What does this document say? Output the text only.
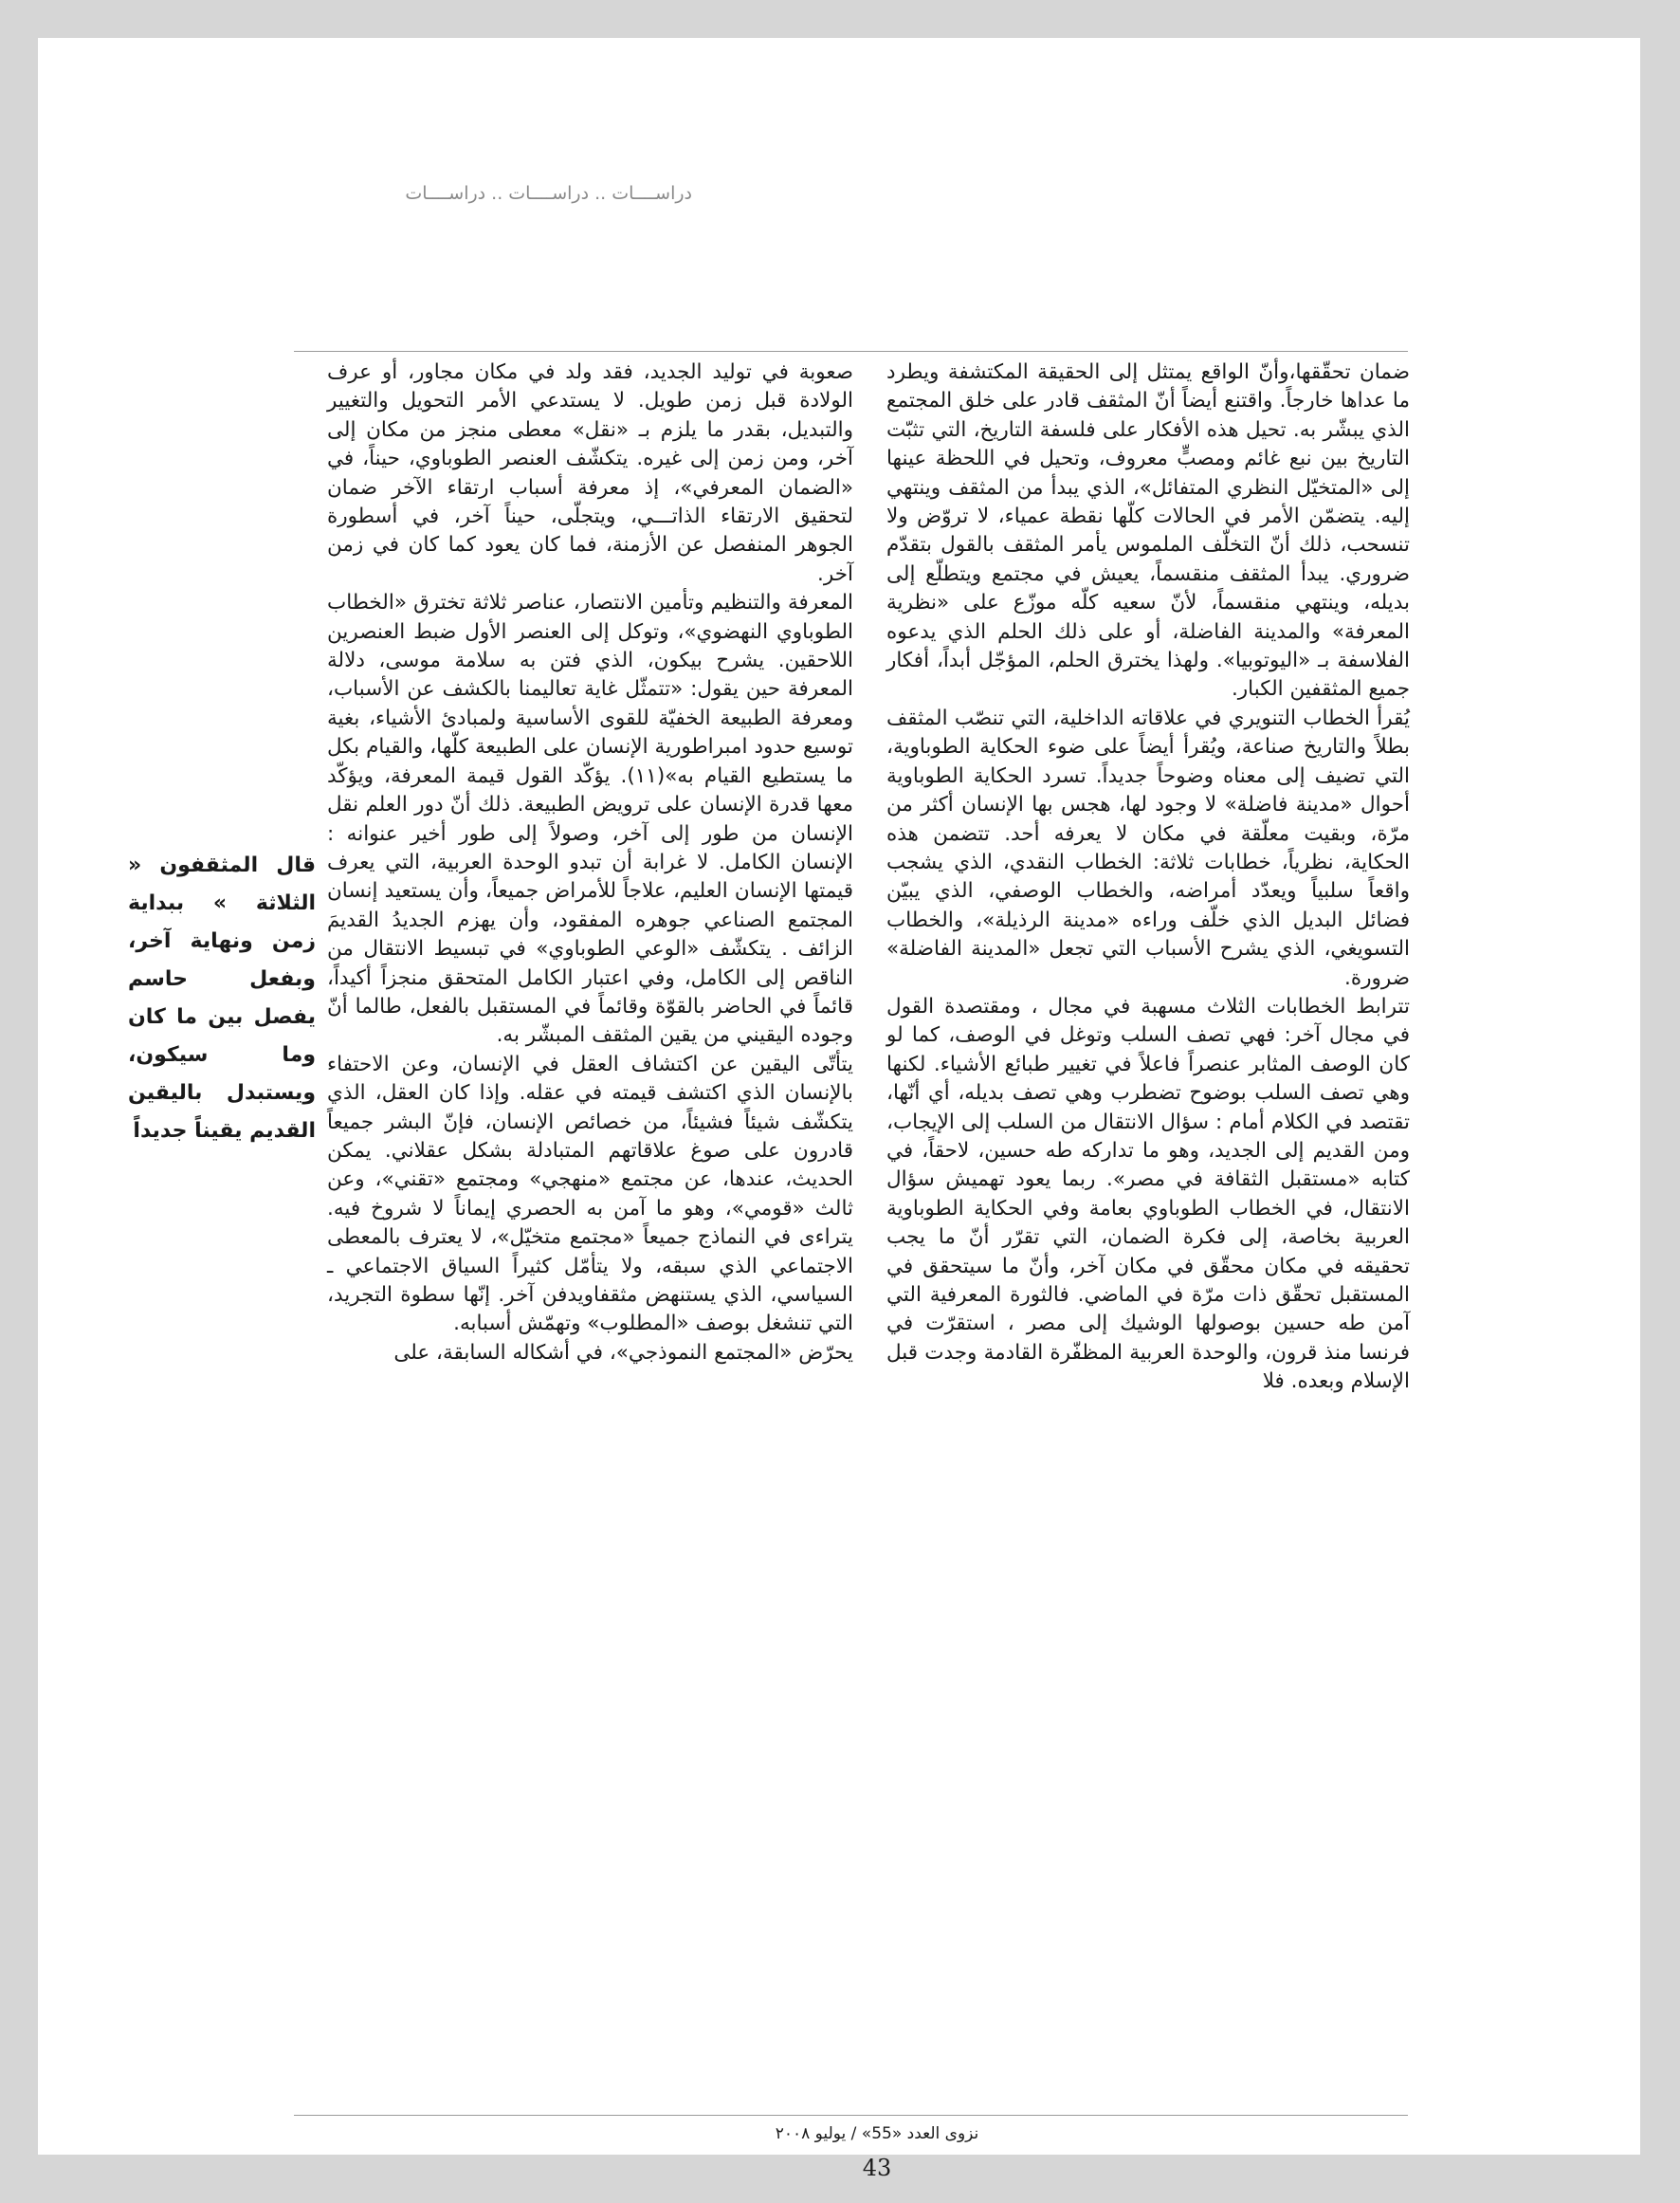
دراســــات .. دراســــات .. دراســــات

ضمان تحقّقها،وأنّ الواقع يمتثل إلى الحقيقة المكتشفة ويطرد ما عداها خارجاً. واقتنع أيضاً أنّ المثقف قادر على خلق المجتمع الذي يبشّر به. تحيل هذه الأفكار على فلسفة التاريخ، التي تثبّت التاريخ بين نبع غائم ومصبٍّ معروف، وتحيل في اللحظة عينها إلى «المتخيّل النظري المتفائل»، الذي يبدأ من المثقف وينتهي إليه. يتضمّن الأمر في الحالات كلّها نقطة عمياء، لا تروّض ولا تنسحب، ذلك أنّ التخلّف الملموس يأمر المثقف بالقول بتقدّم ضروري. يبدأ المثقف منقسماً، يعيش في مجتمع ويتطلّع إلى بديله، وينتهي منقسماً، لأنّ سعيه كلّه موزّع على «نظرية المعرفة» والمدينة الفاضلة، أو على ذلك الحلم الذي يدعوه الفلاسفة بـ «اليوتوبيا». ولهذا يخترق الحلم، المؤجّل أبداً، أفكار جميع المثقفين الكبار.

يُقرأ الخطاب التنويري في علاقاته الداخلية، التي تنصّب المثقف بطلاً والتاريخ صناعة، ويُقرأ أيضاً على ضوء الحكاية الطوباوية، التي تضيف إلى معناه وضوحاً جديداً. تسرد الحكاية الطوباوية أحوال «مدينة فاضلة» لا وجود لها، هجس بها الإنسان أكثر من مرّة، وبقيت معلّقة في مكان لا يعرفه أحد. تتضمن هذه الحكاية، نظرياً، خطابات ثلاثة: الخطاب النقدي، الذي يشجب واقعاً سلبياً ويعدّد أمراضه، والخطاب الوصفي، الذي يبيّن فضائل البديل الذي خلّف وراءه «مدينة الرذيلة»، والخطاب التسويغي، الذي يشرح الأسباب التي تجعل «المدينة الفاضلة» ضرورة.

تترابط الخطابات الثلاث مسهبة في مجال ، ومقتصدة القول في مجال آخر: فهي تصف السلب وتوغل في الوصف، كما لو كان الوصف المثابر عنصراً فاعلاً في تغيير طبائع الأشياء. لكنها وهي تصف السلب بوضوح تضطرب وهي تصف بديله، أي أنّها، تقتصد في الكلام أمام : سؤال الانتقال من السلب إلى الإيجاب، ومن القديم إلى الجديد، وهو ما تداركه طه حسين، لاحقاً، في كتابه «مستقبل الثقافة في مصر». ربما يعود تهميش سؤال الانتقال، في الخطاب الطوباوي بعامة وفي الحكاية الطوباوية العربية بخاصة، إلى فكرة الضمان، التي تقرّر أنّ ما يجب تحقيقه في مكان محقّق في مكان آخر، وأنّ ما سيتحقق في المستقبل تحقّق ذات مرّة في الماضي. فالثورة المعرفية التي آمن طه حسين بوصولها الوشيك إلى مصر ، استقرّت في فرنسا منذ قرون، والوحدة العربية المظفّرة القادمة وجدت قبل الإسلام وبعده. فلا

صعوبة في توليد الجديد، فقد ولد في مكان مجاور، أو عرف الولادة قبل زمن طويل. لا يستدعي الأمر التحويل والتغيير والتبديل، بقدر ما يلزم بـ «نقل» معطى منجز من مكان إلى آخر، ومن زمن إلى غيره. يتكشّف العنصر الطوباوي، حيناً، في «الضمان المعرفي»، إذ معرفة أسباب ارتقاء الآخر ضمان لتحقيق الارتقاء الذاتـــي، ويتجلّى، حيناً آخر، في أسطورة الجوهر المنفصل عن الأزمنة، فما كان يعود كما كان في زمن آخر.

المعرفة والتنظيم وتأمين الانتصار، عناصر ثلاثة تخترق «الخطاب الطوباوي النهضوي»، وتوكل إلى العنصر الأول ضبط العنصرين اللاحقين. يشرح بيكون، الذي فتن به سلامة موسى، دلالة المعرفة حين يقول: «تتمثّل غاية تعاليمنا بالكشف عن الأسباب، ومعرفة الطبيعة الخفيّة للقوى الأساسية ولمبادئ الأشياء، بغية توسيع حدود امبراطورية الإنسان على الطبيعة كلّها، والقيام بكل ما يستطيع القيام به»(١١). يؤكّد القول قيمة المعرفة، ويؤكّد معها قدرة الإنسان على ترويض الطبيعة. ذلك أنّ دور العلم نقل الإنسان من طور إلى آخر، وصولاً إلى طور أخير عنوانه : الإنسان الكامل. لا غرابة أن تبدو الوحدة العربية، التي يعرف قيمتها الإنسان العليم، علاجاً للأمراض جميعاً، وأن يستعيد إنسان المجتمع الصناعي جوهره المفقود، وأن يهزم الجديدُ القديمَ الزائف . يتكشّف «الوعي الطوباوي» في تبسيط الانتقال من الناقص إلى الكامل، وفي اعتبار الكامل المتحقق منجزاً أكيداً، قائماً في الحاضر بالقوّة وقائماً في المستقبل بالفعل، طالما أنّ وجوده اليقيني من يقين المثقف المبشّر به.

يتأتّى اليقين عن اكتشاف العقل في الإنسان، وعن الاحتفاء بالإنسان الذي اكتشف قيمته في عقله. وإذا كان العقل، الذي يتكشّف شيئاً فشيئاً، من خصائص الإنسان، فإنّ البشر جميعاً قادرون على صوغ علاقاتهم المتبادلة بشكل عقلاني. يمكن الحديث، عندها، عن مجتمع «منهجي» ومجتمع «تقني»، وعن ثالث «قومي»، وهو ما آمن به الحصري إيماناً لا شروخ فيه. يتراءى في النماذج جميعاً «مجتمع متخيّل»، لا يعترف بالمعطى الاجتماعي الذي سبقه، ولا يتأمّل كثيراً السياق الاجتماعي ـ السياسي، الذي يستنهض مثقفاويدفن آخر. إنّها سطوة التجريد، التي تنشغل بوصف «المطلوب» وتهمّش أسبابه.

يحرّض «المجتمع النموذجي»، في أشكاله السابقة، على

قال المثقفون « الثلاثة » ببداية زمن ونهاية آخر، وبفعل حاسم يفصل بين ما كان وما سيكون، ويستبدل باليقين القديم يقيناً جديداً
نزوى العدد «55» / يوليو ٢٠٠٨
43
